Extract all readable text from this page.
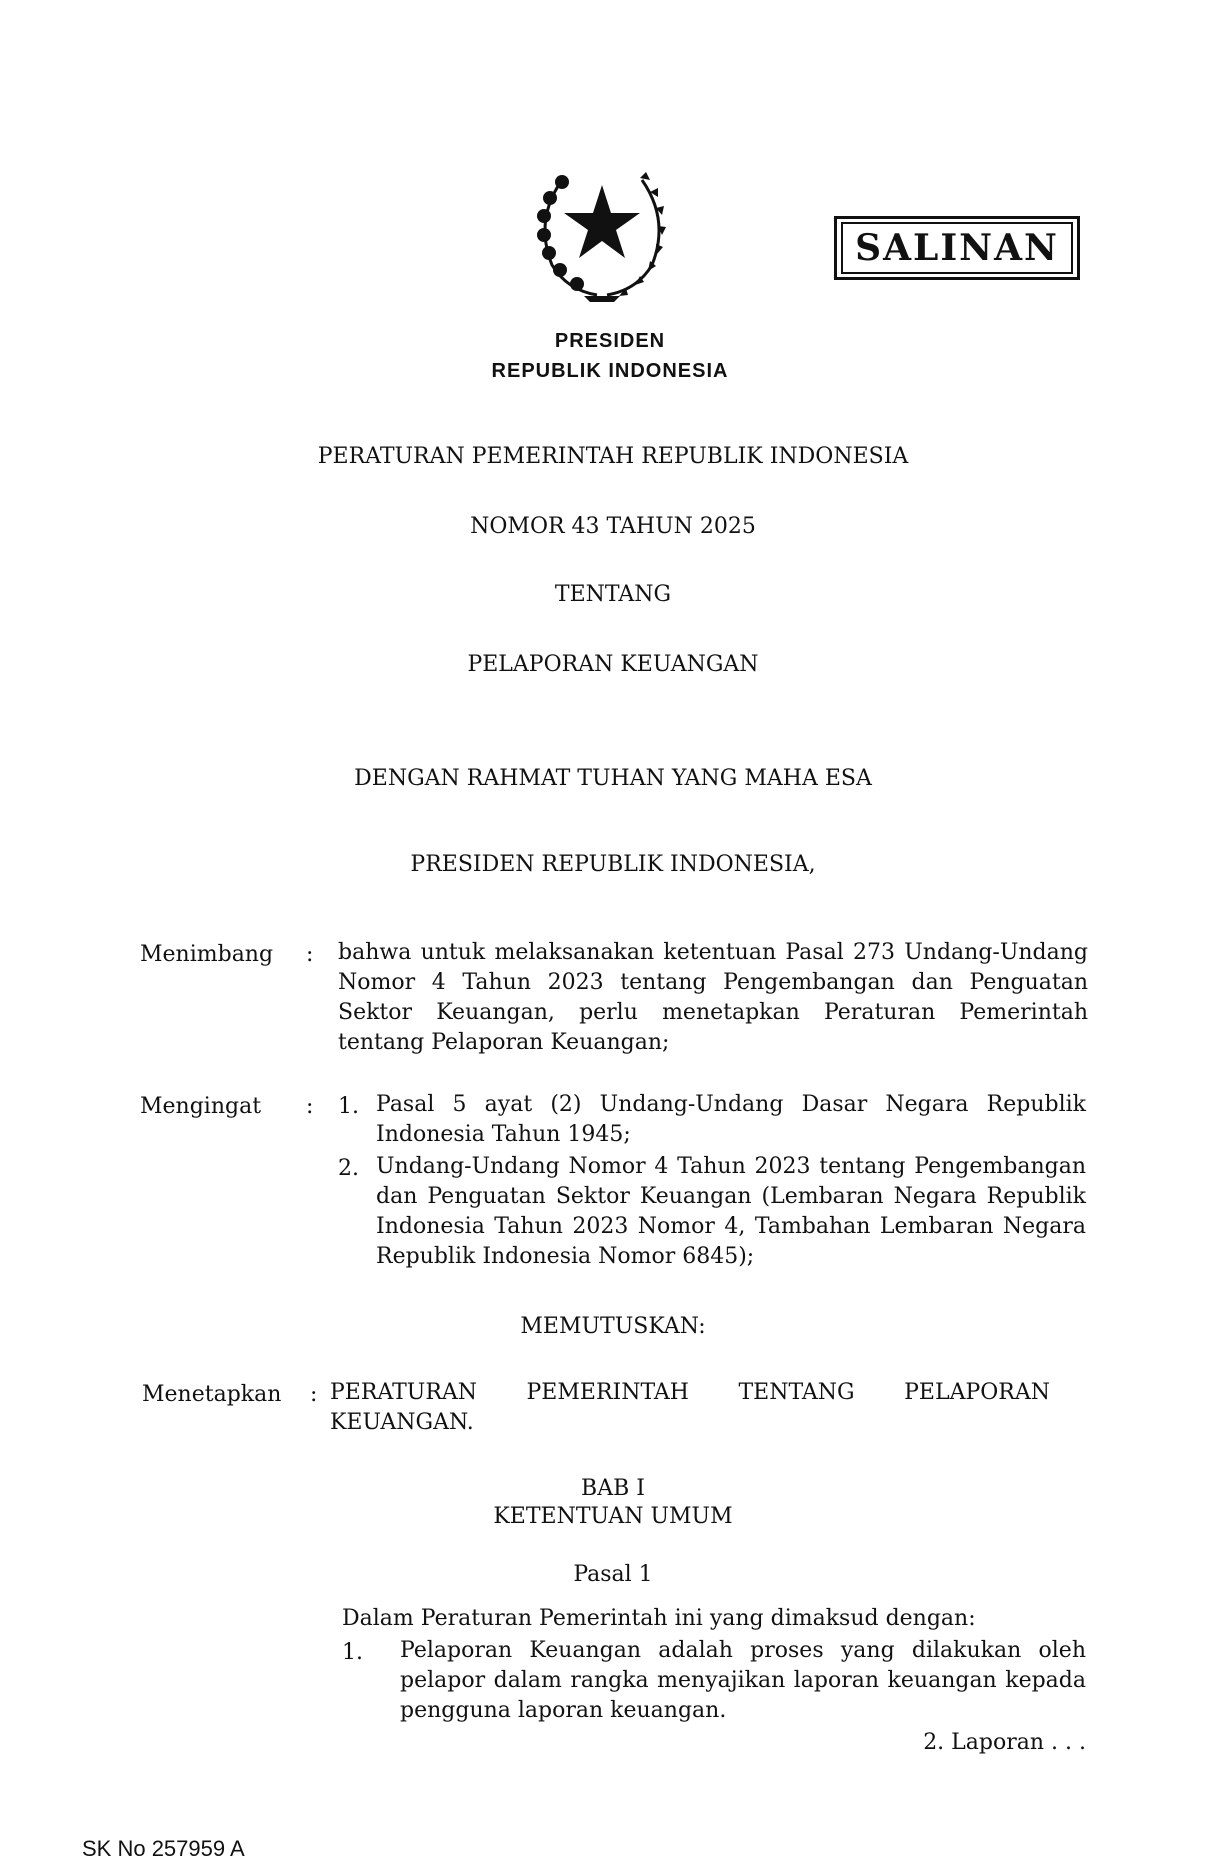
SALINAN
PRESIDEN
REPUBLIK INDONESIA
PERATURAN PEMERINTAH REPUBLIK INDONESIA
NOMOR 43 TAHUN 2025
TENTANG
PELAPORAN KEUANGAN
DENGAN RAHMAT TUHAN YANG MAHA ESA
PRESIDEN REPUBLIK INDONESIA,
Menimbang : bahwa untuk melaksanakan ketentuan Pasal 273 Undang-Undang Nomor 4 Tahun 2023 tentang Pengembangan dan Penguatan Sektor Keuangan, perlu menetapkan Peraturan Pemerintah tentang Pelaporan Keuangan;
Mengingat : 1. Pasal 5 ayat (2) Undang-Undang Dasar Negara Republik Indonesia Tahun 1945;
2. Undang-Undang Nomor 4 Tahun 2023 tentang Pengembangan dan Penguatan Sektor Keuangan (Lembaran Negara Republik Indonesia Tahun 2023 Nomor 4, Tambahan Lembaran Negara Republik Indonesia Nomor 6845);
MEMUTUSKAN:
Menetapkan : PERATURAN PEMERINTAH TENTANG PELAPORAN
KEUANGAN.
BAB I
KETENTUAN UMUM
Pasal 1
Dalam Peraturan Pemerintah ini yang dimaksud dengan:
1. Pelaporan Keuangan adalah proses yang dilakukan oleh pelapor dalam rangka menyajikan laporan keuangan kepada pengguna laporan keuangan.
2. Laporan . . .
SK No 257959 A
